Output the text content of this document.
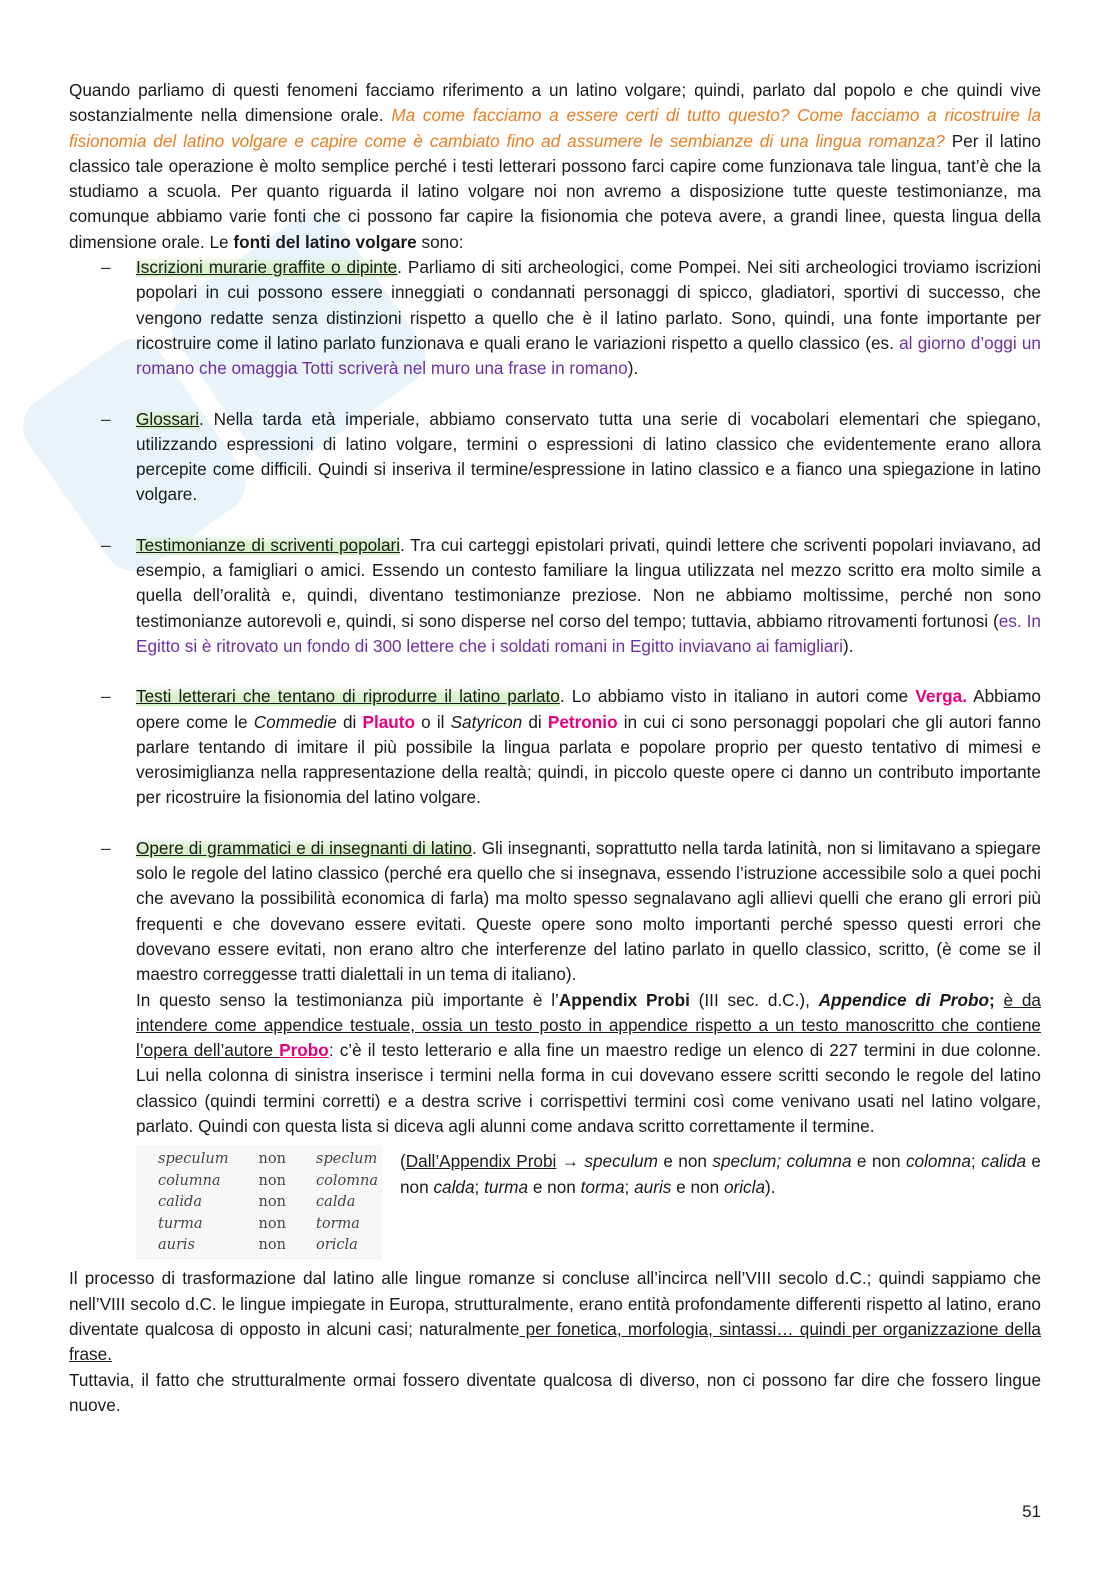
Quando parliamo di questi fenomeni facciamo riferimento a un latino volgare; quindi, parlato dal popolo e che quindi vive sostanzialmente nella dimensione orale. Ma come facciamo a essere certi di tutto questo? Come facciamo a ricostruire la fisionomia del latino volgare e capire come è cambiato fino ad assumere le sembianze di una lingua romanza? Per il latino classico tale operazione è molto semplice perché i testi letterari possono farci capire come funzionava tale lingua, tant’è che la studiamo a scuola. Per quanto riguarda il latino volgare noi non avremo a disposizione tutte queste testimonianze, ma comunque abbiamo varie fonti che ci possono far capire la fisionomia che poteva avere, a grandi linee, questa lingua della dimensione orale. Le fonti del latino volgare sono:

– Iscrizioni murarie graffite o dipinte. Parliamo di siti archeologici, come Pompei. Nei siti archeologici troviamo iscrizioni popolari in cui possono essere inneggiati o condannati personaggi di spicco, gladiatori, sportivi di successo, che vengono redatte senza distinzioni rispetto a quello che è il latino parlato. Sono, quindi, una fonte importante per ricostruire come il latino parlato funzionava e quali erano le variazioni rispetto a quello classico (es. al giorno d’oggi un romano che omaggia Totti scriverà nel muro una frase in romano).
– Glossari. Nella tarda età imperiale, abbiamo conservato tutta una serie di vocabolari elementari che spiegano, utilizzando espressioni di latino volgare, termini o espressioni di latino classico che evidentemente erano allora percepite come difficili. Quindi si inseriva il termine/espressione in latino classico e a fianco una spiegazione in latino volgare.
– Testimonianze di scriventi popolari. Tra cui carteggi epistolari privati, quindi lettere che scriventi popolari inviavano, ad esempio, a famigliari o amici. Essendo un contesto familiare la lingua utilizzata nel mezzo scritto era molto simile a quella dell’oralità e, quindi, diventano testimonianze preziose. Non ne abbiamo moltissime, perché non sono testimonianze autorevoli e, quindi, si sono disperse nel corso del tempo; tuttavia, abbiamo ritrovamenti fortunosi (es. In Egitto si è ritrovato un fondo di 300 lettere che i soldati romani in Egitto inviavano ai famigliari).
– Testi letterari che tentano di riprodurre il latino parlato. Lo abbiamo visto in italiano in autori come Verga. Abbiamo opere come le Commedie di Plauto o il Satyricon di Petronio in cui ci sono personaggi popolari che gli autori fanno parlare tentando di imitare il più possibile la lingua parlata e popolare proprio per questo tentativo di mimesi e verosimiglianza nella rappresentazione della realtà; quindi, in piccolo queste opere ci danno un contributo importante per ricostruire la fisionomia del latino volgare.
– Opere di grammatici e di insegnanti di latino. Gli insegnanti, soprattutto nella tarda latinità, non si limitavano a spiegare solo le regole del latino classico (perché era quello che si insegnava, essendo l’istruzione accessibile solo a quei pochi che avevano la possibilità economica di farla) ma molto spesso segnalavano agli allievi quelli che erano gli errori più frequenti e che dovevano essere evitati. Queste opere sono molto importanti perché spesso questi errori che dovevano essere evitati, non erano altro che interferenze del latino parlato in quello classico, scritto, (è come se il maestro correggesse tratti dialettali in un tema di italiano).
In questo senso la testimonianza più importante è l’Appendix Probi (III sec. d.C.), Appendice di Probo; è da intendere come appendice testuale, ossia un testo posto in appendice rispetto a un testo manoscritto che contiene l’opera dell’autore Probo: c’è il testo letterario e alla fine un maestro redige un elenco di 227 termini in due colonne. Lui nella colonna di sinistra inserisce i termini nella forma in cui dovevano essere scritti secondo le regole del latino classico (quindi termini corretti) e a destra scrive i corrispettivi termini così come venivano usati nel latino volgare, parlato. Quindi con questa lista si diceva agli alunni come andava scritto correttamente il termine.
speculum	non	speclum
columna	non	colomna
calida	non	calda
turma	non	torma
auris	non	oricla
(Dall’Appendix Probi → speculum e non speclum; columna e non colomna; calida e non calda; turma e non torma; auris e non oricla).

Il processo di trasformazione dal latino alle lingue romanze si concluse all’incirca nell’VIII secolo d.C.; quindi sappiamo che nell’VIII secolo d.C. le lingue impiegate in Europa, strutturalmente, erano entità profondamente differenti rispetto al latino, erano diventate qualcosa di opposto in alcuni casi; naturalmente per fonetica, morfologia, sintassi… quindi per organizzazione della frase.

Tuttavia, il fatto che strutturalmente ormai fossero diventate qualcosa di diverso, non ci possono far dire che fossero lingue nuove.

51
